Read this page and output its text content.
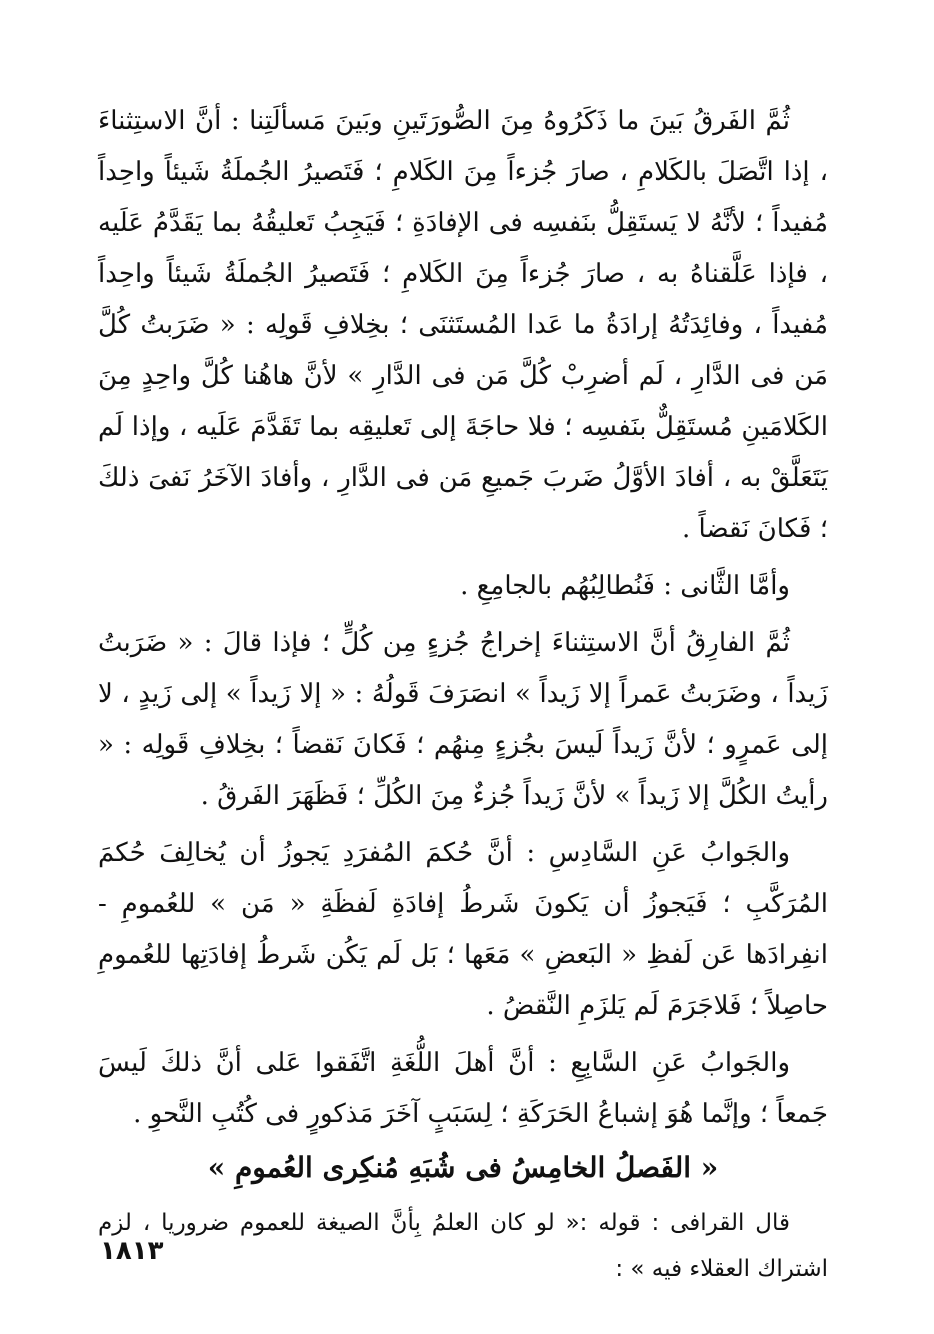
ثُمَّ الفَرقُ بَينَ ما ذَكَرُوهُ مِنَ الصُّورَتَينِ وبَينَ مَسألَتِنا : أنَّ الاستِثناءَ ، إذا اتَّصَلَ بالكَلامِ ، صارَ جُزءاً مِنَ الكَلامِ ؛ فَتَصيرُ الجُملَةُ شَيئاً واحِداً مُفيداً ؛ لأنَّهُ لا يَستَقِلُّ بنَفسِه فى الإفادَةِ ؛ فَيَجِبُ تَعليقُهُ بما يَقَدَّمُ عَلَيه ، فإذا عَلَّقناهُ به ، صارَ جُزءاً مِنَ الكَلامِ ؛ فَتَصيرُ الجُملَةُ شَيئاً واحِداً مُفيداً ، وفائِدَتُهُ إرادَةُ ما عَدا المُستَثنَى ؛ بخِلافِ قَولِه : « ضَرَبتُ كُلَّ مَن فى الدَّارِ ، لَم أضرِبْ كُلَّ مَن فى الدَّارِ » لأنَّ هاهُنا كُلَّ واحِدٍ مِنَ الكَلامَينِ مُستَقِلٌّ بنَفسِه ؛ فلا حاجَةَ إلى تَعليقِه بما تَقَدَّمَ عَلَيه ، وإذا لَم يَتَعَلَّقْ به ، أفادَ الأوَّلُ ضَربَ جَميعِ مَن فى الدَّارِ ، وأفادَ الآخَرُ نَفىَ ذلكَ ؛ فَكانَ نَقضاً .

وأمَّا الثَّانى : فَنُطالِبُهُم بالجامِعِ .

ثُمَّ الفارِقُ أنَّ الاستِثناءَ إخراجُ جُزءٍ مِن كُلٍّ ؛ فإذا قالَ : « ضَرَبتُ زَيداً ، وضَرَبتُ عَمراً إلا زَيداً » انصَرَفَ قَولُهُ : « إلا زَيداً » إلى زَيدٍ ، لا إلى عَمرٍو ؛ لأنَّ زَيداً لَيسَ بجُزءٍ مِنهُم ؛ فَكانَ نَقضاً ؛ بخِلافِ قَولِه : « رأيتُ الكُلَّ إلا زَيداً » لأنَّ زَيداً جُزءٌ مِنَ الكُلِّ ؛ فَظَهَرَ الفَرقُ .

والجَوابُ عَنِ السَّادِسِ : أنَّ حُكمَ المُفرَدِ يَجوزُ أن يُخالِفَ حُكمَ المُرَكَّبِ ؛ فَيَجوزُ أن يَكونَ شَرطُ إفادَةِ لَفظَةِ « مَن » للعُمومِ - انفِرادَها عَن لَفظِ « البَعضِ » مَعَها ؛ بَل لَم يَكُن شَرطُ إفادَتِها للعُمومِ حاصِلاً ؛ فَلاجَرَمَ لَم يَلزَمِ النَّقضُ .

والجَوابُ عَنِ السَّابِعِ : أنَّ أهلَ اللُّغَةِ اتَّفَقوا عَلى أنَّ ذلكَ لَيسَ جَمعاً ؛ وإنَّما هُوَ إشباعُ الحَرَكَةِ ؛ لِسَبَبٍ آخَرَ مَذكورٍ فى كُتُبِ النَّحوِ .

« الفَصلُ الخامِسُ فى شُبَهِ مُنكِرى العُمومِ »

قال القرافى : قوله :« لو كان العلمُ بِأنَّ الصيغة للعموم ضروريا ، لزم اشتراك العقلاء فيه » :

١٨١٣
